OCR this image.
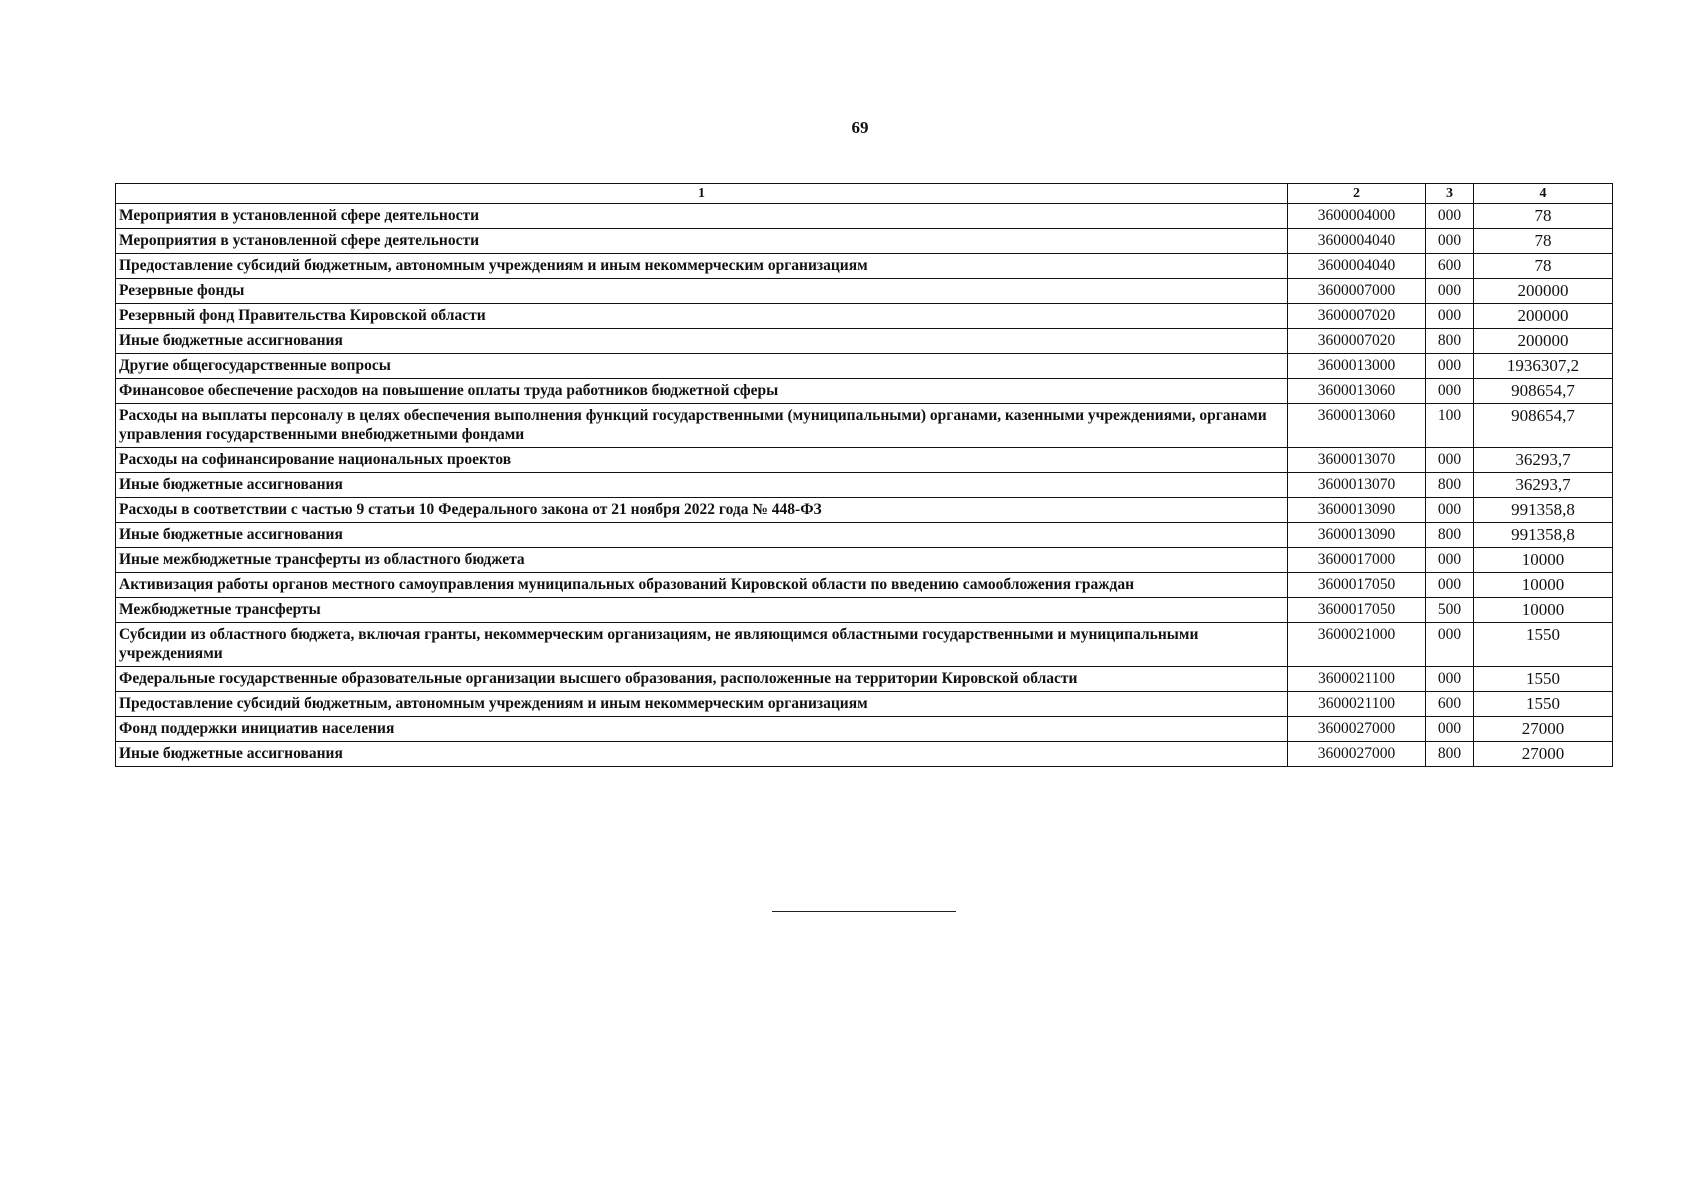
69
1	2	3	4
Мероприятия в установленной сфере деятельности	3600004000	000	78
Мероприятия в установленной сфере деятельности	3600004040	000	78
Предоставление субсидий бюджетным, автономным учреждениям и иным некоммерческим организациям	3600004040	600	78
Резервные фонды	3600007000	000	200000
Резервный фонд Правительства Кировской области	3600007020	000	200000
Иные бюджетные ассигнования	3600007020	800	200000
Другие общегосударственные вопросы	3600013000	000	1936307,2
Финансовое обеспечение расходов на повышение оплаты труда работников бюджетной сферы	3600013060	000	908654,7
Расходы на выплаты персоналу в целях обеспечения выполнения функций государственными (муниципальными) органами, казенными учреждениями, органами управления государственными внебюджетными фондами	3600013060	100	908654,7
Расходы на софинансирование национальных проектов	3600013070	000	36293,7
Иные бюджетные ассигнования	3600013070	800	36293,7
Расходы в соответствии с частью 9 статьи 10 Федерального закона от 21 ноября 2022 года № 448-ФЗ	3600013090	000	991358,8
Иные бюджетные ассигнования	3600013090	800	991358,8
Иные межбюджетные трансферты из областного бюджета	3600017000	000	10000
Активизация работы органов местного самоуправления муниципальных образований Кировской области по введению самообложения граждан	3600017050	000	10000
Межбюджетные трансферты	3600017050	500	10000
Субсидии из областного бюджета, включая гранты, некоммерческим организациям, не являющимся областными государственными и муниципальными учреждениями	3600021000	000	1550
Федеральные государственные образовательные организации высшего образования, расположенные на территории Кировской области	3600021100	000	1550
Предоставление субсидий бюджетным, автономным учреждениям и иным некоммерческим организациям	3600021100	600	1550
Фонд поддержки инициатив населения	3600027000	000	27000
Иные бюджетные ассигнования	3600027000	800	27000
